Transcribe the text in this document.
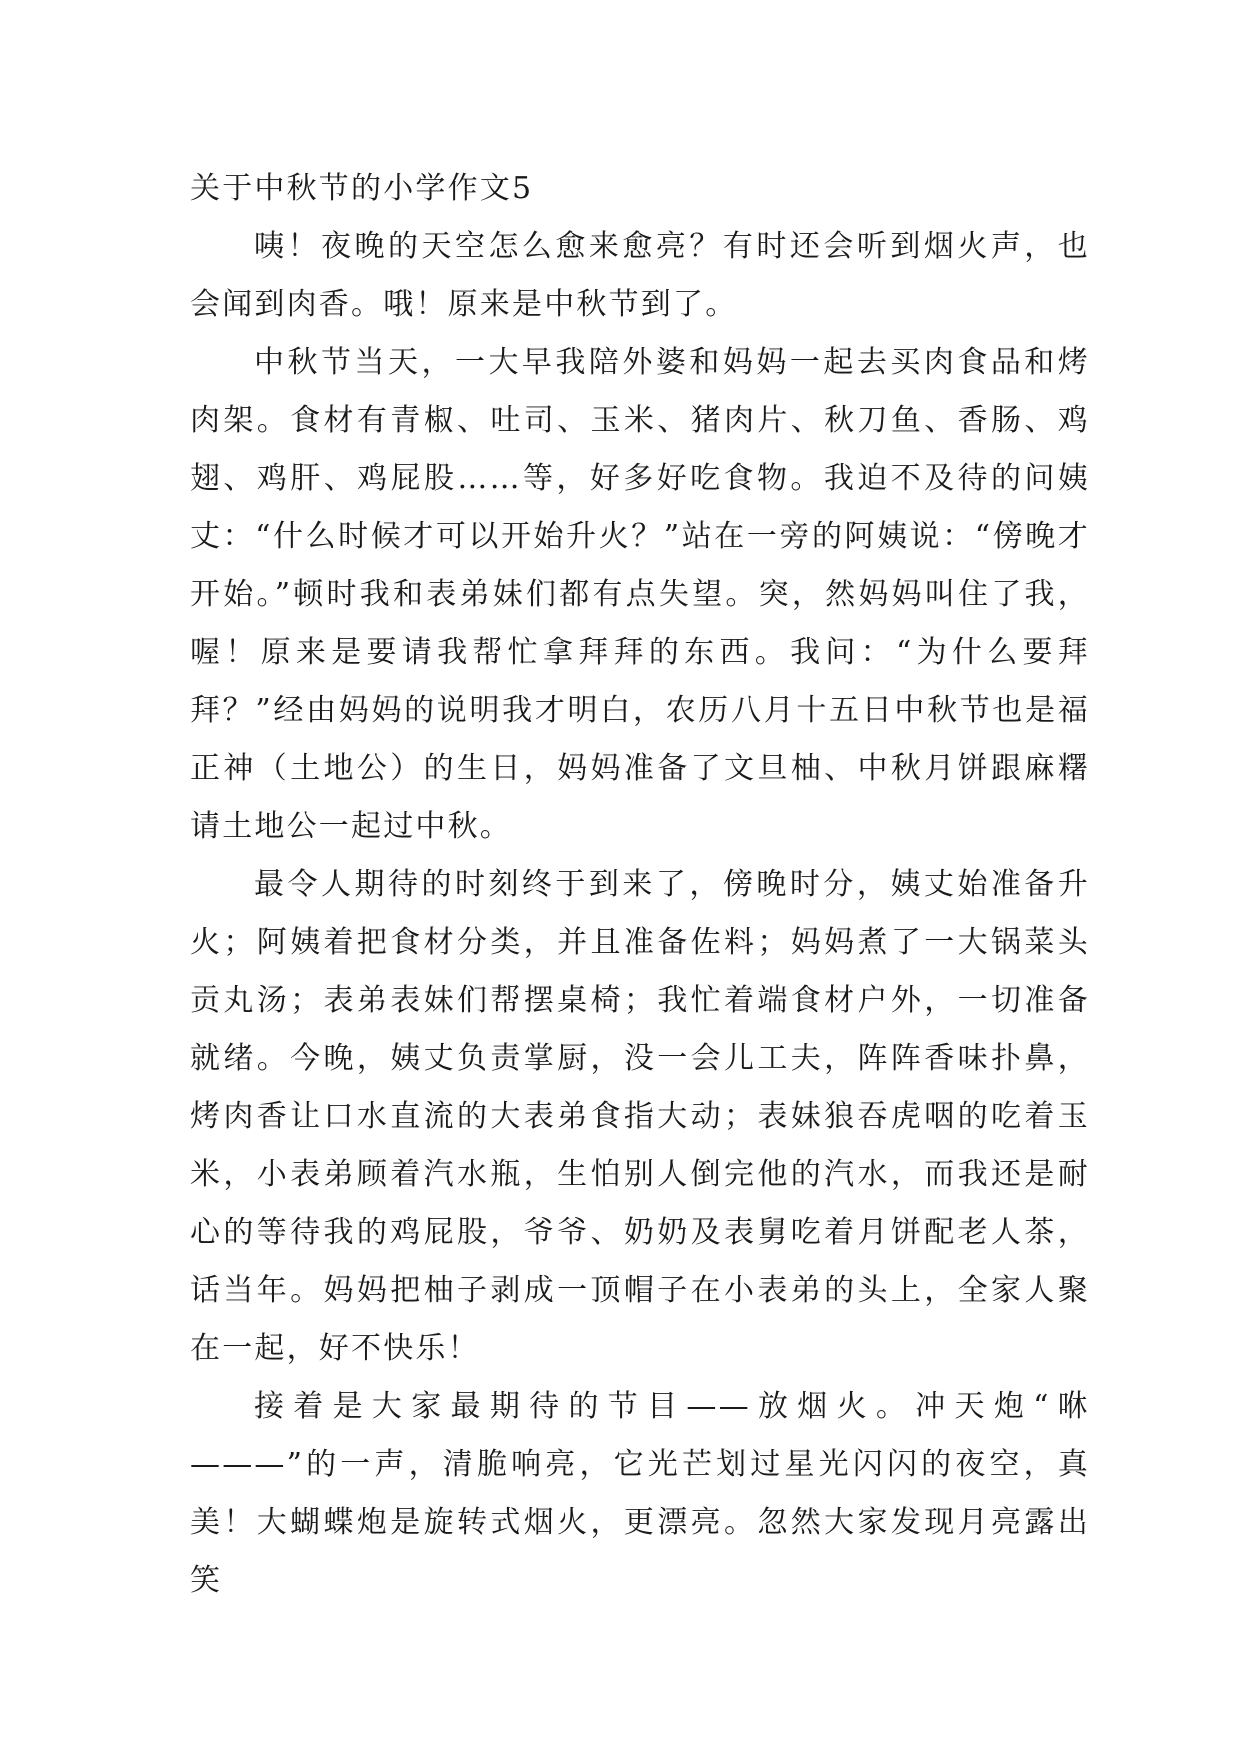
关于中秋节的小学作文5

咦！夜晚的天空怎么愈来愈亮？有时还会听到烟火声，也会闻到肉香。哦！原来是中秋节到了。

中秋节当天，一大早我陪外婆和妈妈一起去买肉食品和烤肉架。食材有青椒、吐司、玉米、猪肉片、秋刀鱼、香肠、鸡翅、鸡肝、鸡屁股……等，好多好吃食物。我迫不及待的问姨丈：“什么时候才可以开始升火？”站在一旁的阿姨说：“傍晚才开始。”顿时我和表弟妹们都有点失望。突，然妈妈叫住了我，喔！原来是要请我帮忙拿拜拜的东西。我问：“为什么要拜拜？”经由妈妈的说明我才明白，农历八月十五日中秋节也是福正神（土地公）的生日，妈妈准备了文旦柚、中秋月饼跟麻糬请土地公一起过中秋。

最令人期待的时刻终于到来了，傍晚时分，姨丈始准备升火；阿姨着把食材分类，并且准备佐料；妈妈煮了一大锅菜头贡丸汤；表弟表妹们帮摆桌椅；我忙着端食材户外，一切准备就绪。今晚，姨丈负责掌厨，没一会儿工夫，阵阵香味扑鼻，烤肉香让口水直流的大表弟食指大动；表妹狼吞虎咽的吃着玉米，小表弟顾着汽水瓶，生怕别人倒完他的汽水，而我还是耐心的等待我的鸡屁股，爷爷、奶奶及表舅吃着月饼配老人茶，话当年。妈妈把柚子剥成一顶帽子在小表弟的头上，全家人聚在一起，好不快乐！

接着是大家最期待的节目——放烟火。冲天炮“咻———”的一声，清脆响亮，它光芒划过星光闪闪的夜空，真美！大蝴蝶炮是旋转式烟火，更漂亮。忽然大家发现月亮露出笑
